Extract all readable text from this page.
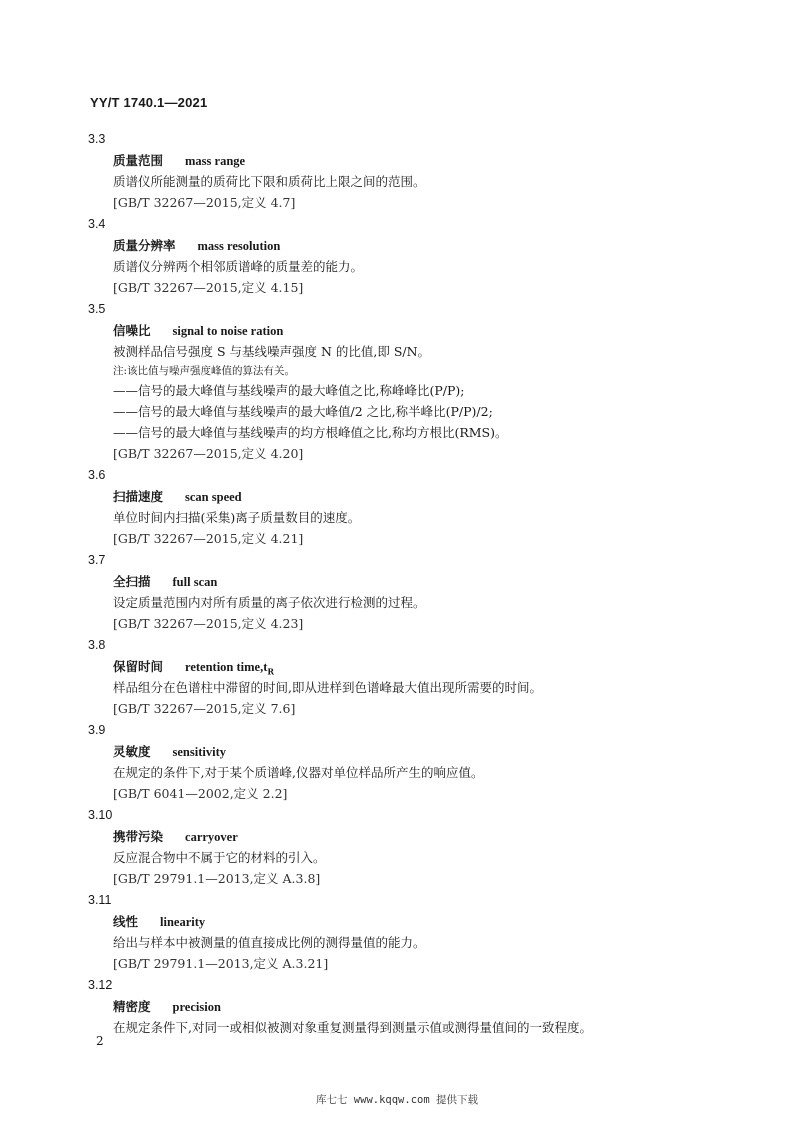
YY/T 1740.1—2021
3.3
质量范围 mass range
质谱仪所能测量的质荷比下限和质荷比上限之间的范围。
[GB/T 32267—2015,定义 4.7]
3.4
质量分辨率 mass resolution
质谱仪分辨两个相邻质谱峰的质量差的能力。
[GB/T 32267—2015,定义 4.15]
3.5
信噪比 signal to noise ration
被测样品信号强度 S 与基线噪声强度 N 的比值,即 S/N。
注:该比值与噪声强度峰值的算法有关。
——信号的最大峰值与基线噪声的最大峰值之比,称峰峰比(P/P);
——信号的最大峰值与基线噪声的最大峰值/2 之比,称半峰比(P/P)/2;
——信号的最大峰值与基线噪声的均方根峰值之比,称均方根比(RMS)。
[GB/T 32267—2015,定义 4.20]
3.6
扫描速度 scan speed
单位时间内扫描(采集)离子质量数目的速度。
[GB/T 32267—2015,定义 4.21]
3.7
全扫描 full scan
设定质量范围内对所有质量的离子依次进行检测的过程。
[GB/T 32267—2015,定义 4.23]
3.8
保留时间 retention $time,t_R$
样品组分在色谱柱中滞留的时间,即从进样到色谱峰最大值出现所需要的时间。
[GB/T 32267—2015,定义 7.6]
3.9
灵敏度 sensitivity
在规定的条件下,对于某个质谱峰,仪器对单位样品所产生的响应值。
[GB/T 6041—2002,定义 2.2]
3.10
携带污染 carryover
反应混合物中不属于它的材料的引入。
[GB/T 29791.1—2013,定义 A.3.8]
3.11
线性 linearity
给出与样本中被测量的值直接成比例的测得量值的能力。
[GB/T 29791.1—2013,定义 A.3.21]
3.12
精密度 precision
在规定条件下,对同一或相似被测对象重复测量得到测量示值或测得量值间的一致程度。
2
库七七 www.kqqw.com 提供下载
